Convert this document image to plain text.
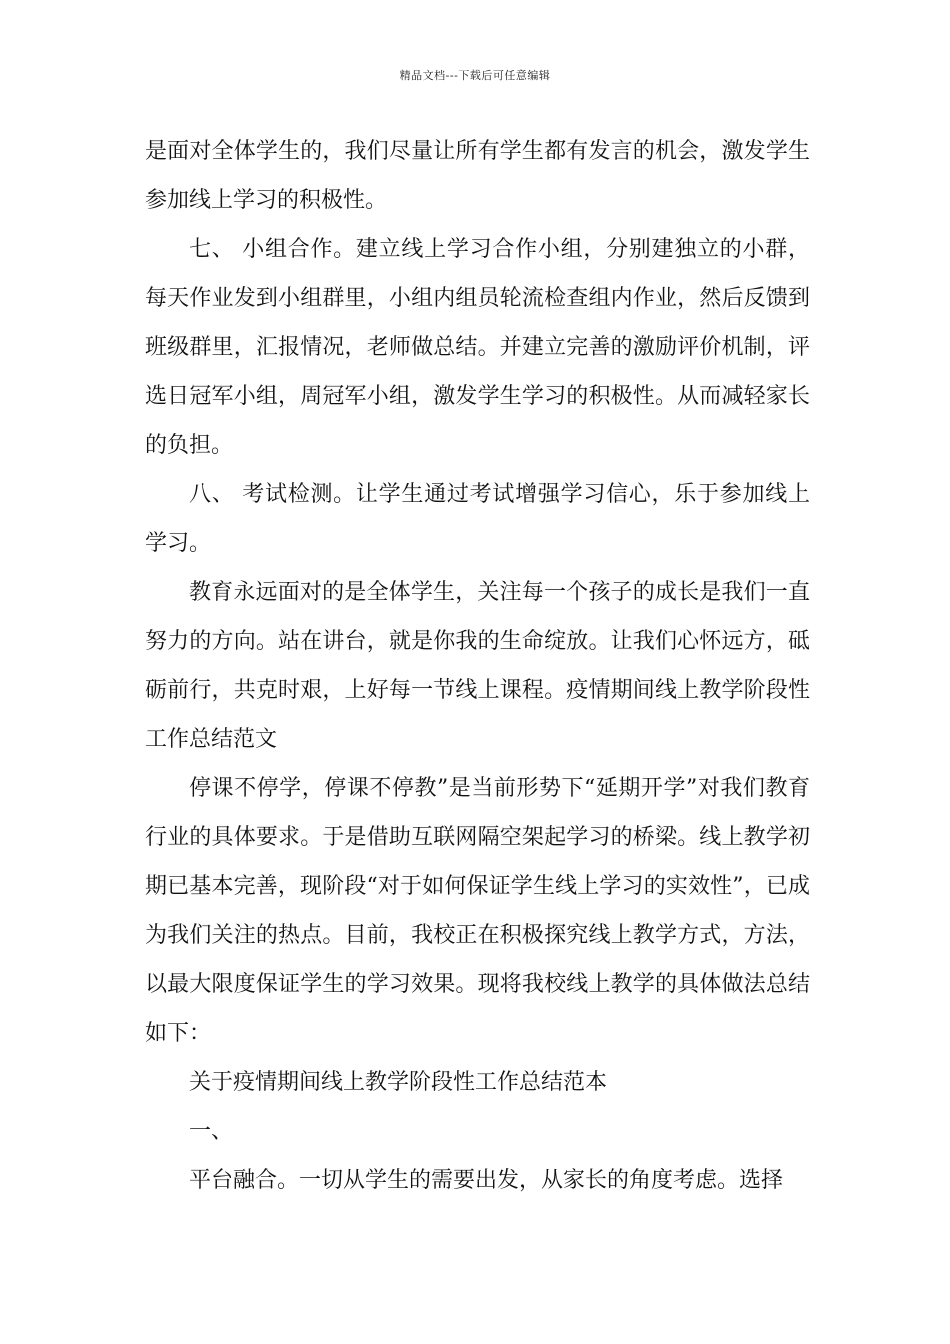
精品文档---下载后可任意编辑

是面对全体学生的，我们尽量让所有学生都有发言的机会，激发学生参加线上学习的积极性。

七、 小组合作。建立线上学习合作小组，分别建独立的小群，每天作业发到小组群里，小组内组员轮流检查组内作业，然后反馈到班级群里，汇报情况，老师做总结。并建立完善的激励评价机制，评选日冠军小组，周冠军小组，激发学生学习的积极性。从而减轻家长的负担。

八、 考试检测。让学生通过考试增强学习信心，乐于参加线上学习。

教育永远面对的是全体学生，关注每一个孩子的成长是我们一直努力的方向。站在讲台，就是你我的生命绽放。让我们心怀远方，砥砺前行，共克时艰，上好每一节线上课程。疫情期间线上教学阶段性工作总结范文

停课不停学，停课不停教”是当前形势下“延期开学”对我们教育行业的具体要求。于是借助互联网隔空架起学习的桥梁。线上教学初期已基本完善，现阶段“对于如何保证学生线上学习的实效性”，已成为我们关注的热点。目前，我校正在积极探究线上教学方式，方法，以最大限度保证学生的学习效果。现将我校线上教学的具体做法总结如下：

关于疫情期间线上教学阶段性工作总结范本

一、

平台融合。一切从学生的需要出发，从家长的角度考虑。选择
